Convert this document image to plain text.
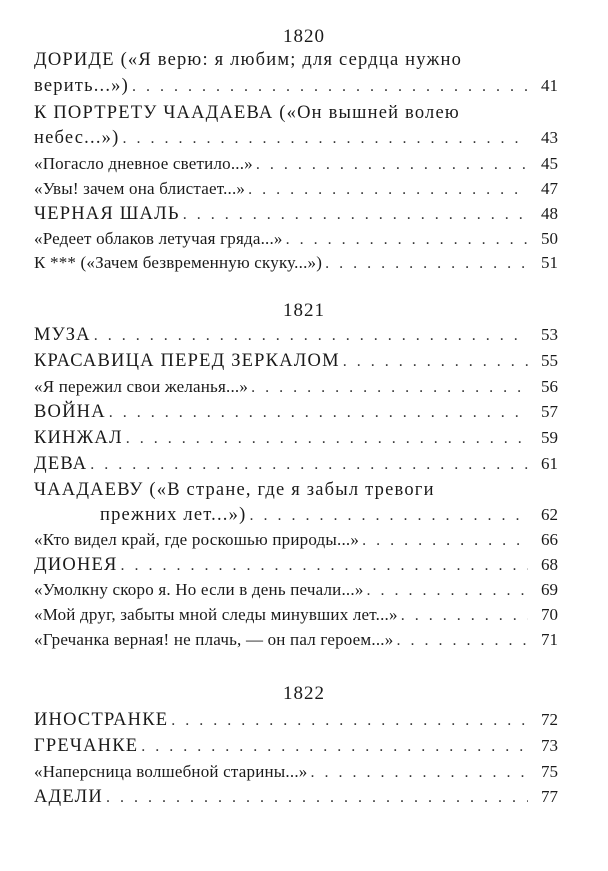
1820
ДОРИДЕ («Я верю: я любим; для сердца нужно
верить...») . . .	41
К ПОРТРЕТУ ЧААДАЕВА («Он вышней волею
небес...») . . .	43
«Погасло дневное светило...» . . .	45
«Увы! зачем она блистает...» . . .	47
ЧЕРНАЯ ШАЛЬ . . .	48
«Редеет облаков летучая гряда...» . . .	50
К *** («Зачем безвременную скуку...») . . .	51
1821
МУЗА . . .	53
КРАСАВИЦА ПЕРЕД ЗЕРКАЛОМ . . .	55
«Я пережил свои желанья...» . . .	56
ВОЙНА . . .	57
КИНЖАЛ . . .	59
ДЕВА . . .	61
ЧААДАЕВУ («В стране, где я забыл тревоги
прежних лет...») . . .	62
«Кто видел край, где роскошью природы...» . . .	66
ДИОНЕЯ . . .	68
«Умолкну скоро я. Но если в день печали...» . . .	69
«Мой друг, забыты мной следы минувших лет...» . . .	70
«Гречанка верная! не плачь, — он пал героем...» . . .	71
1822
ИНОСТРАНКЕ . . .	72
ГРЕЧАНКЕ . . .	73
«Наперсница волшебной старины...» . . .	75
АДЕЛИ . . .	77
